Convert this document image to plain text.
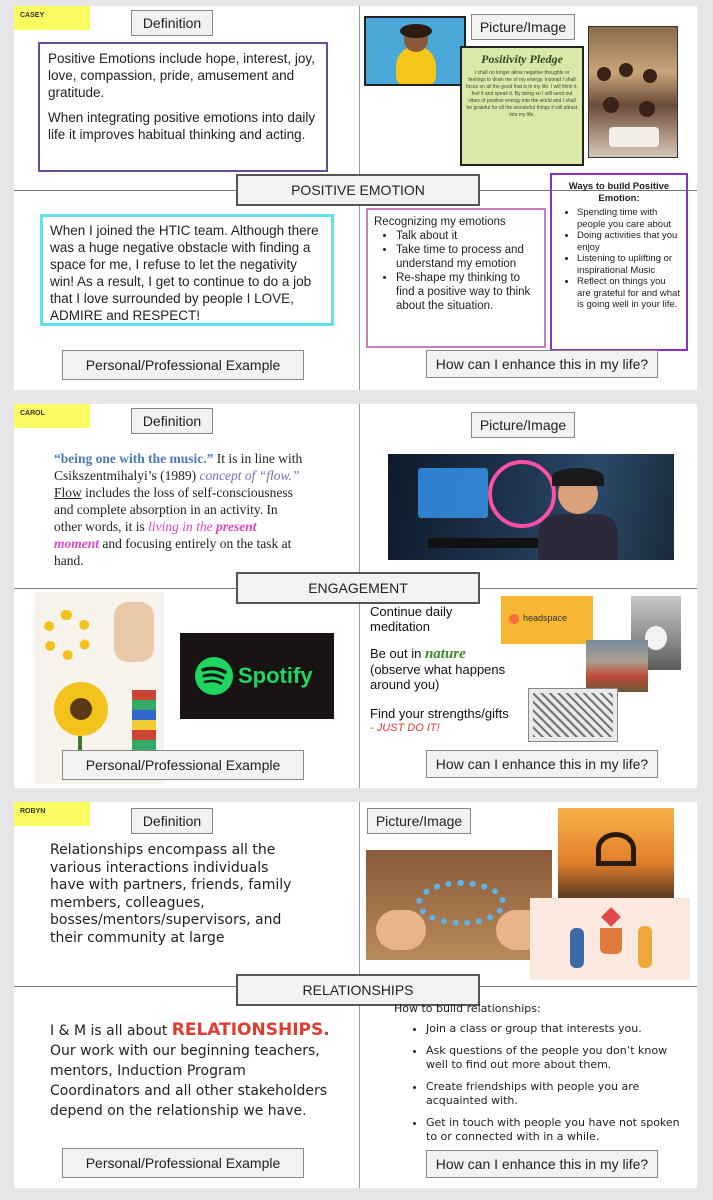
CASEY	Definition	Picture/Image
Positive Emotions include hope, interest, joy, love, compassion, pride, amusement and gratitude.
When integrating positive emotions into daily life it improves habitual thinking and acting.
Positivity Pledge
I shall no longer allow negative thoughts or feelings to drain me of my energy. Instead I shall focus on all the good that is in my life. I will think it, feel it and speak it. By doing so I will send out vibes of positive energy into the world and I shall be grateful for all the wonderful things it will attract into my life.
POSITIVE EMOTION
When I joined the HTIC team. Although there was a huge negative obstacle with finding a space for me, I refuse to let the negativity win! As a result, I get to continue to do a job that I love surrounded by people I LOVE, ADMIRE and RESPECT!
Recognizing my emotions
• Talk about it
• Take time to process and understand my emotion
• Re-shape my thinking to find a positive way to think about the situation.
Ways to build Positive Emotion:
• Spending time with people you care about
• Doing activities that you enjoy
• Listening to uplifting or inspirational Music
• Reflect on things you are grateful for and what is going well in your life.
Personal/Professional Example	How can I enhance this in my life?
CAROL	Definition	Picture/Image
“being one with the music.” It is in line with Csikszentmihalyi’s (1989) concept of “flow.” Flow includes the loss of self-consciousness and complete absorption in an activity. In other words, it is living in the present moment and focusing entirely on the task at hand.
ENGAGEMENT
Spotify
Continue daily meditation
Be out in nature
(observe what happens around you)
Find your strengths/gifts
- JUST DO IT!
headspace
Personal/Professional Example	How can I enhance this in my life?
ROBYN
Definition	Picture/Image
Relationships encompass all the various interactions individuals have with partners, friends, family members, colleagues, bosses/mentors/supervisors, and their community at large
RELATIONSHIPS
I & M is all about RELATIONSHIPS. Our work with our beginning teachers, mentors, Induction Program Coordinators and all other stakeholders depend on the relationship we have.
How to build relationships:
• Join a class or group that interests you.
• Ask questions of the people you don’t know well to find out more about them.
• Create friendships with people you are acquainted with.
• Get in touch with people you have not spoken to or connected with in a while.
Personal/Professional Example	How can I enhance this in my life?
